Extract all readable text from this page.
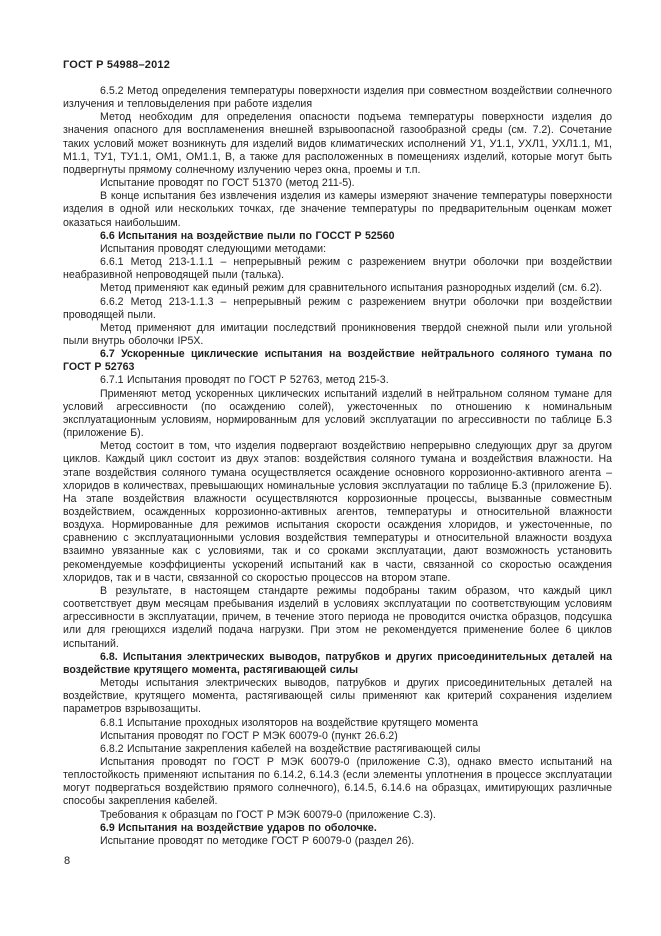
ГОСТ Р 54988–2012

6.5.2 Метод определения температуры поверхности изделия при совместном воздействии солнечного излучения и тепловыделения при работе изделия

Метод необходим для определения опасности подъема температуры поверхности изделия до значения опасного для воспламенения внешней взрывоопасной газообразной среды (см. 7.2). Сочетание таких условий может возникнуть для изделий видов климатических исполнений У1, У1.1, УХЛ1, УХЛ1.1, М1, М1.1, ТУ1, ТУ1.1, ОМ1, ОМ1.1, В, а также для расположенных в помещениях изделий, которые могут быть подвергнуты прямому солнечному излучению через окна, проемы и т.п.

Испытание проводят по ГОСТ 51370 (метод 211-5).

В конце испытания без извлечения изделия из камеры измеряют значение температуры поверхности изделия в одной или нескольких точках, где значение температуры по предварительным оценкам может оказаться наибольшим.

6.6 Испытания на воздействие пыли по ГОССТ Р 52560

Испытания проводят следующими методами:

6.6.1 Метод 213-1.1.1 – непрерывный режим с разрежением внутри оболочки при воздействии неабразивной непроводящей пыли (талька).

Метод применяют как единый режим для сравнительного испытания разнородных изделий (см. 6.2).

6.6.2 Метод 213-1.1.3 – непрерывный режим с разрежением внутри оболочки при воздействии проводящей пыли.

Метод применяют для имитации последствий проникновения твердой снежной пыли или угольной пыли внутрь оболочки IP5X.

6.7 Ускоренные циклические испытания на воздействие нейтрального соляного тумана по ГОСТ Р 52763

6.7.1 Испытания проводят по ГОСТ Р 52763, метод 215-3.

Применяют метод ускоренных циклических испытаний изделий в нейтральном соляном тумане для условий агрессивности (по осаждению солей), ужесточенных по отношению к номинальным эксплуатационным условиям, нормированным для условий эксплуатации по агрессивности по таблице Б.3 (приложение Б).

Метод состоит в том, что изделия подвергают воздействию непрерывно следующих друг за другом циклов. Каждый цикл состоит из двух этапов: воздействия соляного тумана и воздействия влажности. На этапе воздействия соляного тумана осуществляется осаждение основного коррозионно-активного агента – хлоридов в количествах, превышающих номинальные условия эксплуатации по таблице Б.3 (приложение Б). На этапе воздействия влажности осуществляются коррозионные процессы, вызванные совместным воздействием, осажденных коррозионно-активных агентов, температуры и относительной влажности воздуха. Нормированные для режимов испытания скорости осаждения хлоридов, и ужесточенные, по сравнению с эксплуатационными условия воздействия температуры и относительной влажности воздуха взаимно увязанные как с условиями, так и со сроками эксплуатации, дают возможность установить рекомендуемые коэффициенты ускорений испытаний как в части, связанной со скоростью осаждения хлоридов, так и в части, связанной со скоростью процессов на втором этапе.

В результате, в настоящем стандарте режимы подобраны таким образом, что каждый цикл соответствует двум месяцам пребывания изделий в условиях эксплуатации по соответствующим условиям агрессивности в эксплуатации, причем, в течение этого периода не проводится очистка образцов, подсушка или для греющихся изделий подача нагрузки. При этом не рекомендуется применение более 6 циклов испытаний.

6.8. Испытания электрических выводов, патрубков и других присоединительных деталей на воздействие крутящего момента, растягивающей силы

Методы испытания электрических выводов, патрубков и других присоединительных деталей на воздействие, крутящего момента, растягивающей силы применяют как критерий сохранения изделием параметров взрывозащиты.

6.8.1 Испытание проходных изоляторов на воздействие крутящего момента

Испытания проводят по ГОСТ Р МЭК 60079-0 (пункт 26.6.2)

6.8.2 Испытание закрепления кабелей на воздействие растягивающей силы

Испытания проводят по ГОСТ Р МЭК 60079-0 (приложение С.3), однако вместо испытаний на теплостойкость применяют испытания по 6.14.2, 6.14.3 (если элементы уплотнения в процессе эксплуатации могут подвергаться воздействию прямого солнечного), 6.14.5, 6.14.6 на образцах, имитирующих различные способы закрепления кабелей.

Требования к образцам по ГОСТ Р МЭК 60079-0 (приложение С.3).

6.9 Испытания на воздействие ударов по оболочке.

Испытание проводят по методике ГОСТ Р 60079-0 (раздел 26).

8
